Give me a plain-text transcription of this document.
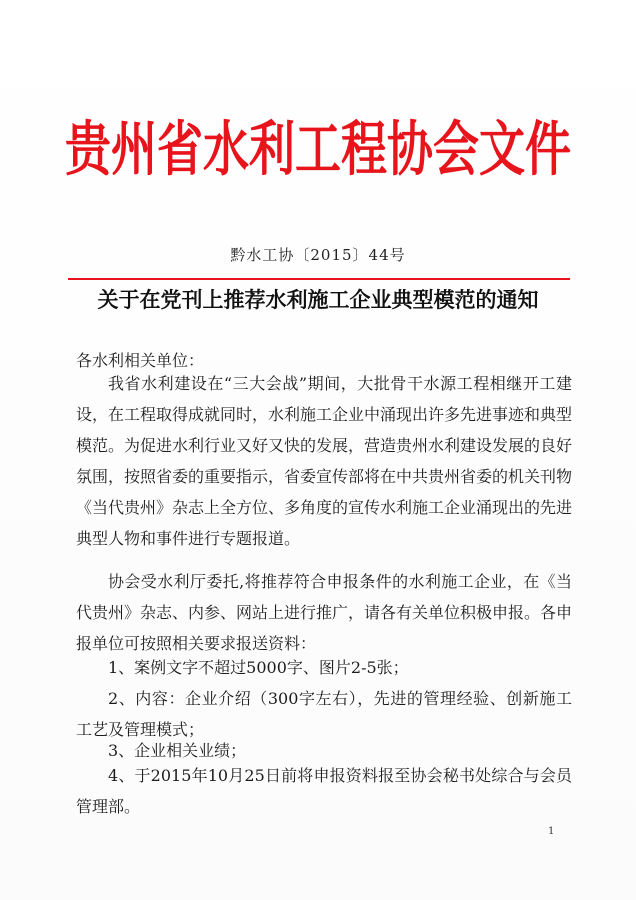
贵州省水利工程协会文件
黔水工协〔2015〕44号
关于在党刊上推荐水利施工企业典型模范的通知
各水利相关单位：

我省水利建设在“三大会战”期间，大批骨干水源工程相继开工建设，在工程取得成就同时，水利施工企业中涌现出许多先进事迹和典型模范。为促进水利行业又好又快的发展，营造贵州水利建设发展的良好氛围，按照省委的重要指示，省委宣传部将在中共贵州省委的机关刊物《当代贵州》杂志上全方位、多角度的宣传水利施工企业涌现出的先进典型人物和事件进行专题报道。

协会受水利厅委托,将推荐符合申报条件的水利施工企业，在《当代贵州》杂志、内参、网站上进行推广，请各有关单位积极申报。各申报单位可按照相关要求报送资料：

1、案例文字不超过5000字、图片2-5张；

2、内容：企业介绍（300字左右），先进的管理经验、创新施工工艺及管理模式；

3、企业相关业绩；

4、于2015年10月25日前将申报资料报至协会秘书处综合与会员管理部。

1
